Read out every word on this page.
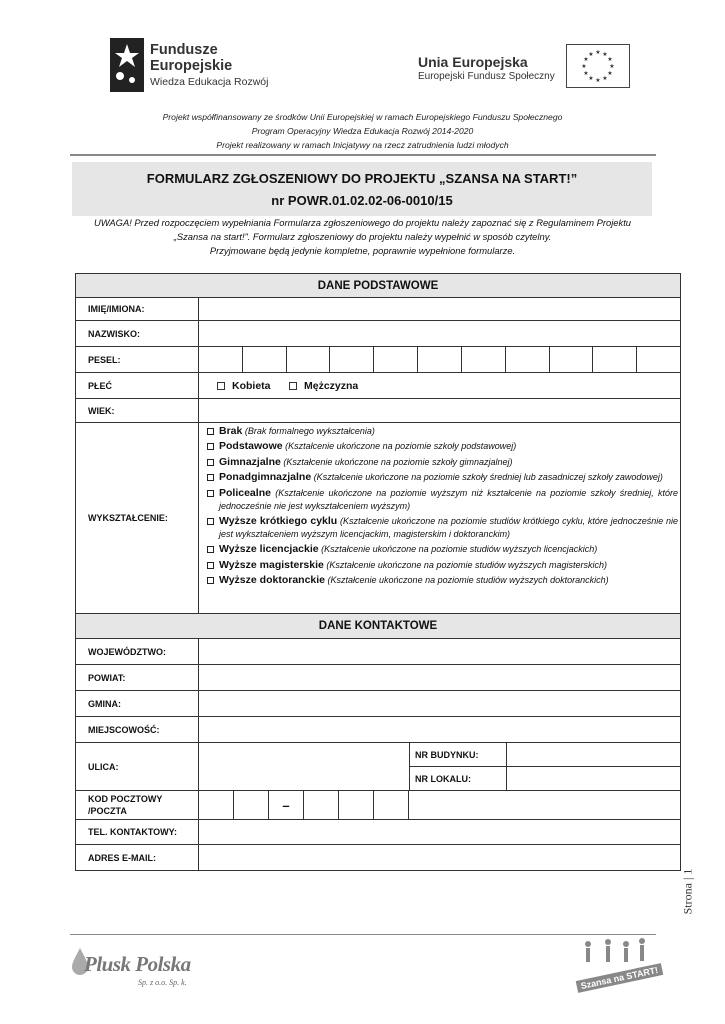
Fundusze
Europejskie
Wiedza Edukacja Rozwój
Unia Europejska
Europejski Fundusz Społeczny
★ ★
★
★
★
★
★
★
★
★
★
★
Projekt współfinansowany ze środków Unii Europejskiej w ramach Europejskiego Funduszu Społecznego
Program Operacyjny Wiedza Edukacja Rozwój 2014-2020
Projekt realizowany w ramach Inicjatywy na rzecz zatrudnienia ludzi młodych
FORMULARZ ZGŁOSZENIOWY DO PROJEKTU „SZANSA NA START!”
nr POWR.01.02.02-06-0010/15
UWAGA! Przed rozpoczęciem wypełniania Formularza zgłoszeniowego do projektu należy zapoznać się z Regulaminem Projektu
„Szansa na start!”. Formularz zgłoszeniowy do projektu należy wypełnić w sposób czytelny.
Przyjmowane będą jedynie kompletne, poprawnie wypełnione formularze.
DANE PODSTAWOWE
IMIĘ/IMIONA:
NAZWISKO:
PESEL:
PŁEĆ	Kobieta	Mężczyzna
WIEK:
WYKSZTAŁCENIE:
Brak (Brak formalnego wykształcenia)
Podstawowe (Kształcenie ukończone na poziomie szkoły podstawowej)
Gimnazjalne (Kształcenie ukończone na poziomie szkoły gimnazjalnej)
Ponadgimnazjalne (Kształcenie ukończone na poziomie szkoły średniej lub zasadniczej szkoły zawodowej)
Policealne (Kształcenie ukończone na poziomie wyższym niż kształcenie na poziomie szkoły średniej, które jednocześnie nie jest wykształceniem wyższym)
Wyższe krótkiego cyklu (Kształcenie ukończone na poziomie studiów krótkiego cyklu, które jednocześnie nie jest wykształceniem wyższym licencjackim, magisterskim i doktoranckim)
Wyższe licencjackie (Kształcenie ukończone na poziomie studiów wyższych licencjackich)
Wyższe magisterskie (Kształcenie ukończone na poziomie studiów wyższych magisterskich)
Wyższe doktoranckie (Kształcenie ukończone na poziomie studiów wyższych doktoranckich)
DANE KONTAKTOWE
WOJEWÓDZTWO:
POWIAT:
GMINA:
MIEJSCOWOŚĆ:
ULICA:
NR BUDYNKU:
NR LOKALU:
KOD POCZTOWY
/POCZTA	–
TEL. KONTAKTOWY:
ADRES E-MAIL:
Strona | 1
Plusk Polska
Sp. z o.o. Sp. k.	Szansa na START!
